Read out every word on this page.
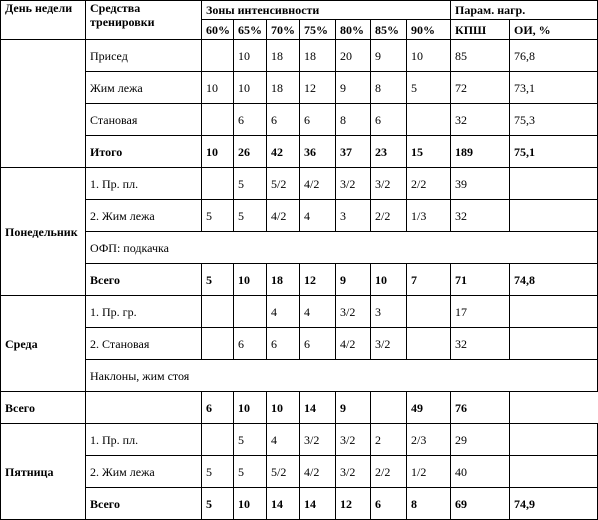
День недели	Средства тренировки	Зоны интенсивности							Парам. нагр.	
		60%	65%	70%	75%	80%	85%	90%	КПШ	ОИ, %
	Присед		10	18	18	20	9	10	85	76,8
	Жим лежа	10	10	18	12	9	8	5	72	73,1
	Становая		6	6	6	8	6		32	75,3
	Итого	10	26	42	36	37	23	15	189	75,1
Понедельник	1. Пр. пл.		5	5/2	4/2	3/2	3/2	2/2	39	
	2. Жим лежа	5	5	4/2	4	3	2/2	1/3	32	
	ОФП: подкачка									
	Всего	5	10	18	12	9	10	7	71	74,8
Среда	1. Пр. гр.			4	4	3/2	3		17	
	2. Становая		6	6	6	4/2	3/2		32	
	Наклоны, жим стоя									
Всего		6	10	10	14	9		49	76	
Пятница	1. Пр. пл.		5	4	3/2	3/2	2	2/3	29	
	2. Жим лежа	5	5	5/2	4/2	3/2	2/2	1/2	40	
	Всего	5	10	14	14	12	6	8	69	74,9
